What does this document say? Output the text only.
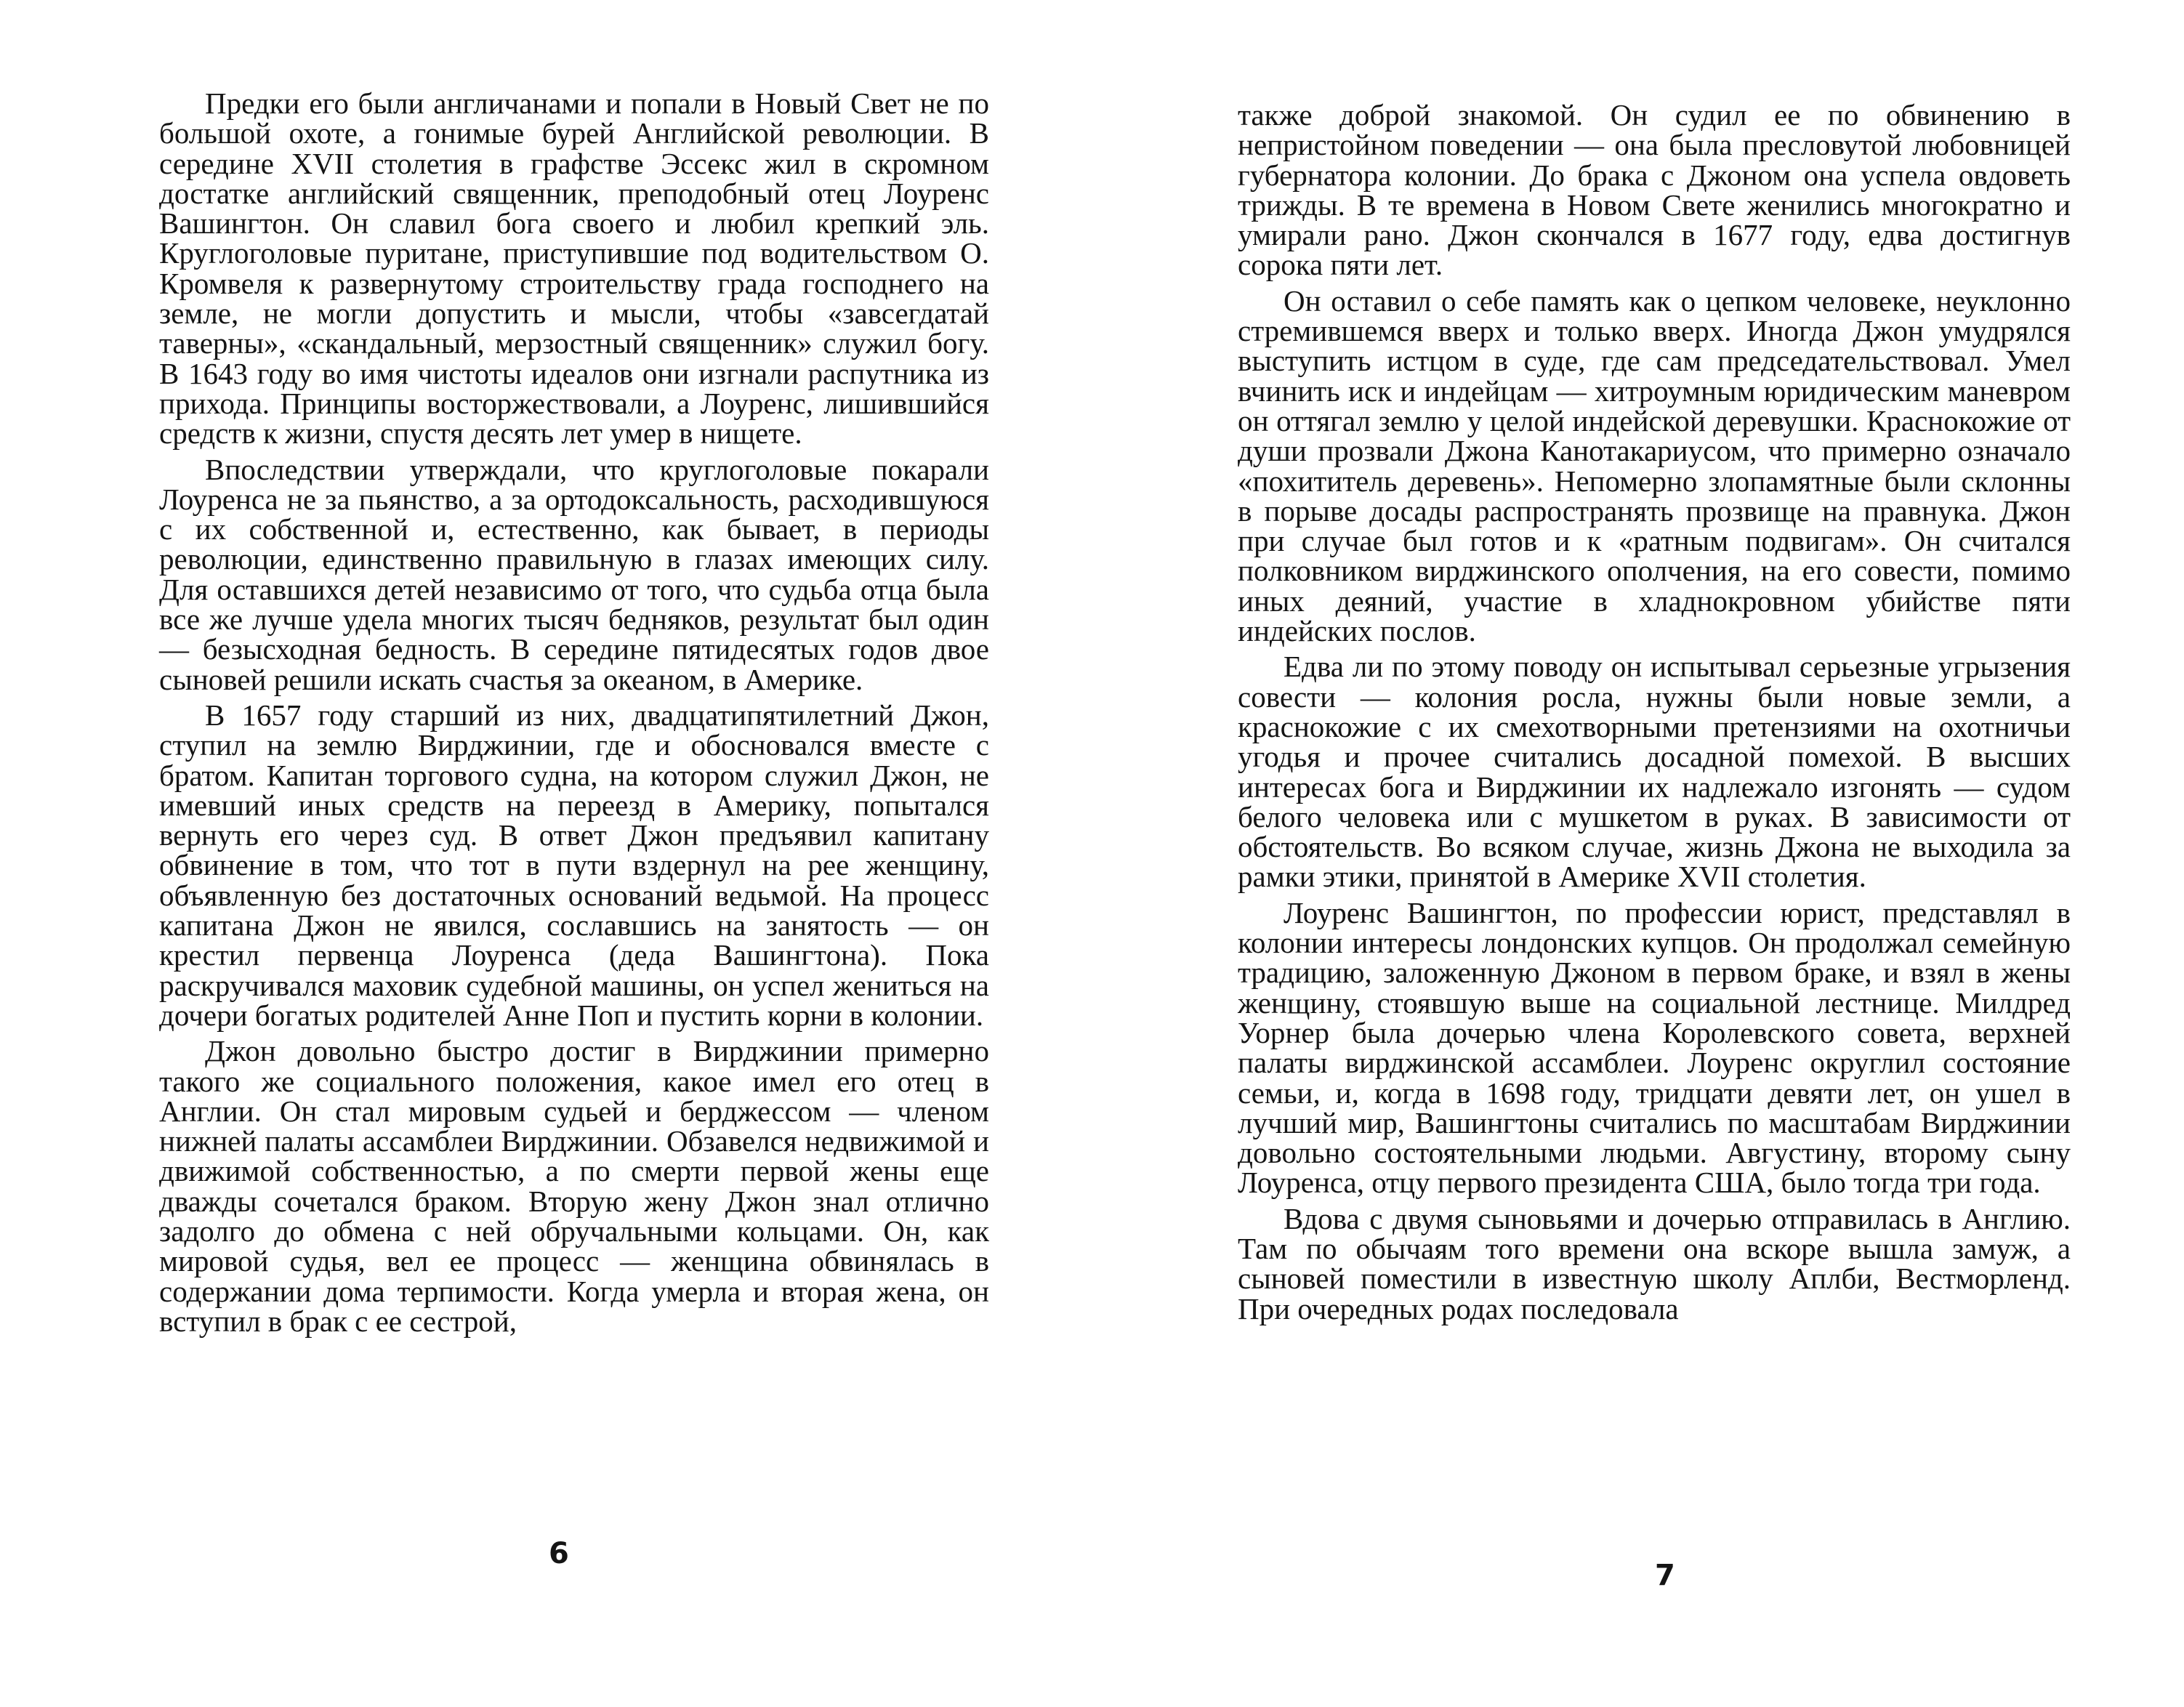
Предки его были англичанами и попали в Новый Свет не по большой охоте, а гонимые бурей Английской революции. В середине XVII столетия в графстве Эссекс жил в скромном достатке английский священник, преподобный отец Лоуренс Вашингтон. Он славил бога своего и любил крепкий эль. Круглоголовые пуритане, приступившие под водительством О. Кромвеля к развернутому строительству града господнего на земле, не могли допустить и мысли, чтобы «завсегдатай таверны», «скандальный, мерзостный священник» служил богу. В 1643 году во имя чистоты идеалов они изгнали распутника из прихода. Принципы восторжествовали, а Лоуренс, лишившийся средств к жизни, спустя десять лет умер в нищете.

Впоследствии утверждали, что круглоголовые покарали Лоуренса не за пьянство, а за ортодоксальность, расходившуюся с их собственной и, естественно, как бывает, в периоды революции, единственно правильную в глазах имеющих силу. Для оставшихся детей независимо от того, что судьба отца была все же лучше удела многих тысяч бедняков, результат был один — безысходная бедность. В середине пятидесятых годов двое сыновей решили искать счастья за океаном, в Америке.

В 1657 году старший из них, двадцатипятилетний Джон, ступил на землю Вирджинии, где и обосновался вместе с братом. Капитан торгового судна, на котором служил Джон, не имевший иных средств на переезд в Америку, попытался вернуть его через суд. В ответ Джон предъявил капитану обвинение в том, что тот в пути вздернул на рее женщину, объявленную без достаточных оснований ведьмой. На процесс капитана Джон не явился, сославшись на занятость — он крестил первенца Лоуренса (деда Вашингтона). Пока раскручивался маховик судебной машины, он успел жениться на дочери богатых родителей Анне Поп и пустить корни в колонии.

Джон довольно быстро достиг в Вирджинии примерно такого же социального положения, какое имел его отец в Англии. Он стал мировым судьей и берджессом — членом нижней палаты ассамблеи Вирджинии. Обзавелся недвижимой и движимой собственностью, а по смерти первой жены еще дважды сочетался браком. Вторую жену Джон знал отлично задолго до обмена с ней обручальными кольцами. Он, как мировой судья, вел ее процесс — женщина обвинялась в содержании дома терпимости. Когда умерла и вторая жена, он вступил в брак с ее сестрой,

6

также доброй знакомой. Он судил ее по обвинению в непристойном поведении — она была пресловутой любовницей губернатора колонии. До брака с Джоном она успела овдоветь трижды. В те времена в Новом Свете женились многократно и умирали рано. Джон скончался в 1677 году, едва достигнув сорока пяти лет.

Он оставил о себе память как о цепком человеке, неуклонно стремившемся вверх и только вверх. Иногда Джон умудрялся выступить истцом в суде, где сам председательствовал. Умел вчинить иск и индейцам — хитроумным юридическим маневром он оттягал землю у целой индейской деревушки. Краснокожие от души прозвали Джона Канотакариусом, что примерно означало «похититель деревень». Непомерно злопамятные были склонны в порыве досады распространять прозвище на правнука. Джон при случае был готов и к «ратным подвигам». Он считался полковником вирджинского ополчения, на его совести, помимо иных деяний, участие в хладнокровном убийстве пяти индейских послов.

Едва ли по этому поводу он испытывал серьезные угрызения совести — колония росла, нужны были новые земли, а краснокожие с их смехотворными претензиями на охотничьи угодья и прочее считались досадной помехой. В высших интересах бога и Вирджинии их надлежало изгонять — судом белого человека или с мушкетом в руках. В зависимости от обстоятельств. Во всяком случае, жизнь Джона не выходила за рамки этики, принятой в Америке XVII столетия.

Лоуренс Вашингтон, по профессии юрист, представлял в колонии интересы лондонских купцов. Он продолжал семейную традицию, заложенную Джоном в первом браке, и взял в жены женщину, стоявшую выше на социальной лестнице. Милдред Уорнер была дочерью члена Королевского совета, верхней палаты вирджинской ассамблеи. Лоуренс округлил состояние семьи, и, когда в 1698 году, тридцати девяти лет, он ушел в лучший мир, Вашингтоны считались по масштабам Вирджинии довольно состоятельными людьми. Августину, второму сыну Лоуренса, отцу первого президента США, было тогда три года.

Вдова с двумя сыновьями и дочерью отправилась в Англию. Там по обычаям того времени она вскоре вышла замуж, а сыновей поместили в известную школу Аплби, Вестморленд. При очередных родах последовала

7
